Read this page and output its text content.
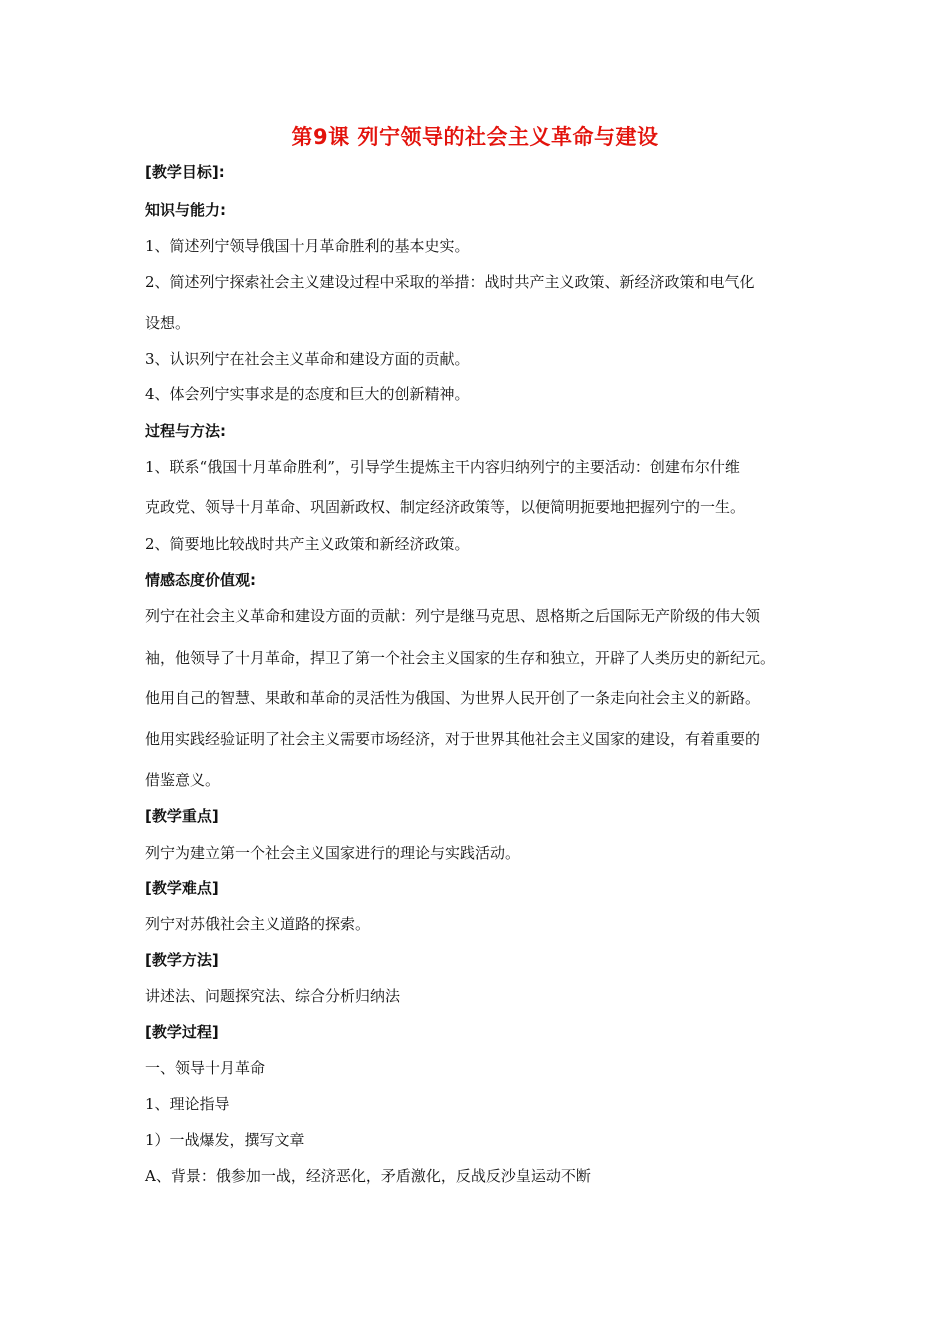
第9课 列宁领导的社会主义革命与建设

[教学目标]:

知识与能力:

1、简述列宁领导俄国十月革命胜利的基本史实。

2、简述列宁探索社会主义建设过程中采取的举措：战时共产主义政策、新经济政策和电气化

设想。

3、认识列宁在社会主义革命和建设方面的贡献。

4、体会列宁实事求是的态度和巨大的创新精神。

过程与方法:

1、联系“俄国十月革命胜利”，引导学生提炼主干内容归纳列宁的主要活动：创建布尔什维

克政党、领导十月革命、巩固新政权、制定经济政策等，以便简明扼要地把握列宁的一生。

2、简要地比较战时共产主义政策和新经济政策。

情感态度价值观:

列宁在社会主义革命和建设方面的贡献：列宁是继马克思、恩格斯之后国际无产阶级的伟大领

袖，他领导了十月革命，捍卫了第一个社会主义国家的生存和独立，开辟了人类历史的新纪元。

他用自己的智慧、果敢和革命的灵活性为俄国、为世界人民开创了一条走向社会主义的新路。

他用实践经验证明了社会主义需要市场经济，对于世界其他社会主义国家的建设，有着重要的

借鉴意义。

[教学重点]

列宁为建立第一个社会主义国家进行的理论与实践活动。

[教学难点]

列宁对苏俄社会主义道路的探索。

[教学方法]

讲述法、问题探究法、综合分析归纳法

[教学过程]

一、领导十月革命

1、理论指导

1）一战爆发，撰写文章

A、背景：俄参加一战，经济恶化，矛盾激化，反战反沙皇运动不断
